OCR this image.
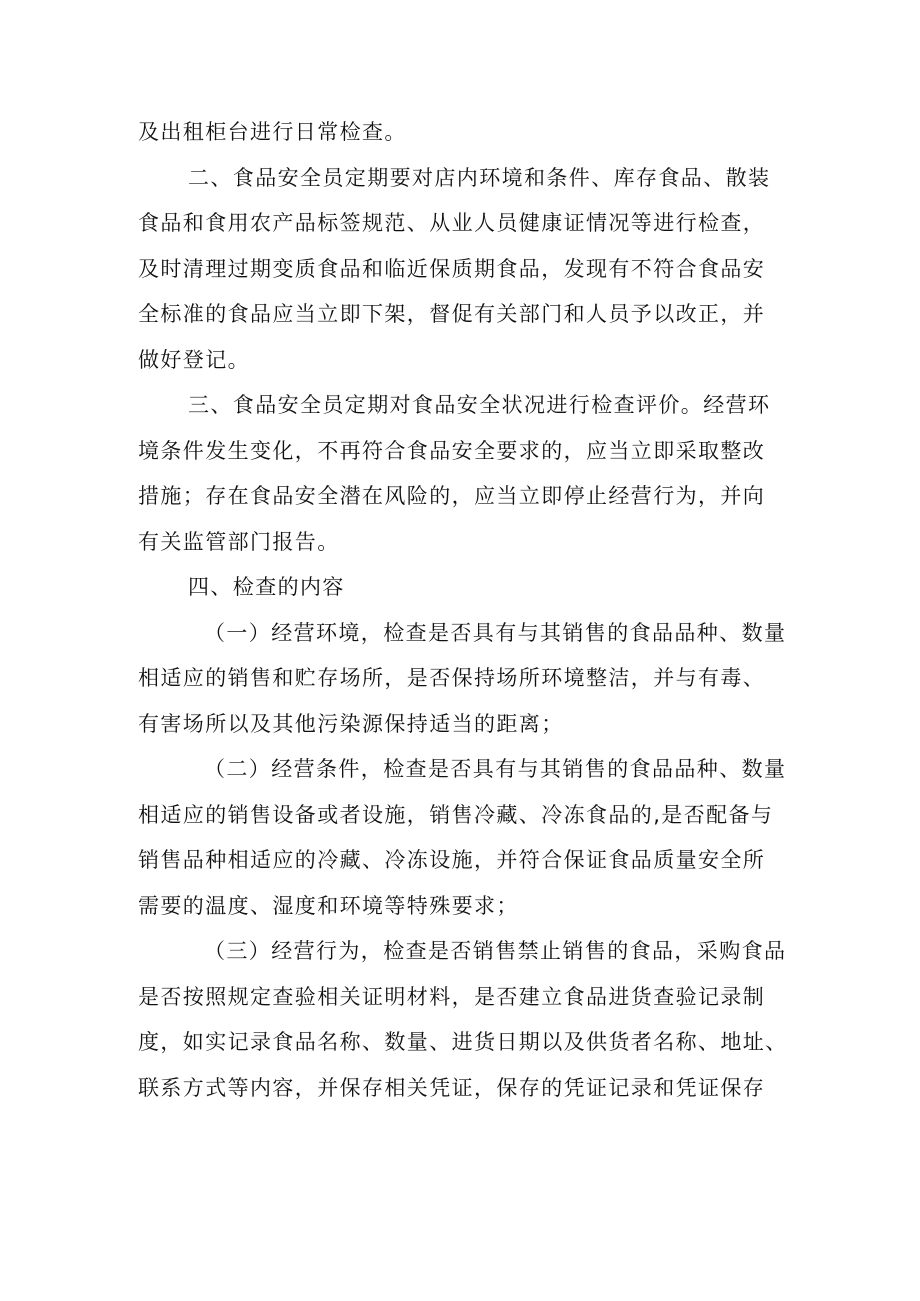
及出租柜台进行日常检查。
二、食品安全员定期要对店内环境和条件、库存食品、散装
食品和食用农产品标签规范、从业人员健康证情况等进行检查，
及时清理过期变质食品和临近保质期食品，发现有不符合食品安
全标准的食品应当立即下架，督促有关部门和人员予以改正，并
做好登记。
三、食品安全员定期对食品安全状况进行检查评价。经营环
境条件发生变化，不再符合食品安全要求的，应当立即采取整改
措施；存在食品安全潜在风险的，应当立即停止经营行为，并向
有关监管部门报告。
四、检查的内容
（一）经营环境，检查是否具有与其销售的食品品种、数量
相适应的销售和贮存场所，是否保持场所环境整洁，并与有毒、
有害场所以及其他污染源保持适当的距离；
（二）经营条件，检查是否具有与其销售的食品品种、数量
相适应的销售设备或者设施，销售冷藏、冷冻食品的,是否配备与
销售品种相适应的冷藏、冷冻设施，并符合保证食品质量安全所
需要的温度、湿度和环境等特殊要求；
（三）经营行为，检查是否销售禁止销售的食品，采购食品
是否按照规定查验相关证明材料，是否建立食品进货查验记录制
度，如实记录食品名称、数量、进货日期以及供货者名称、地址、
联系方式等内容，并保存相关凭证，保存的凭证记录和凭证保存
